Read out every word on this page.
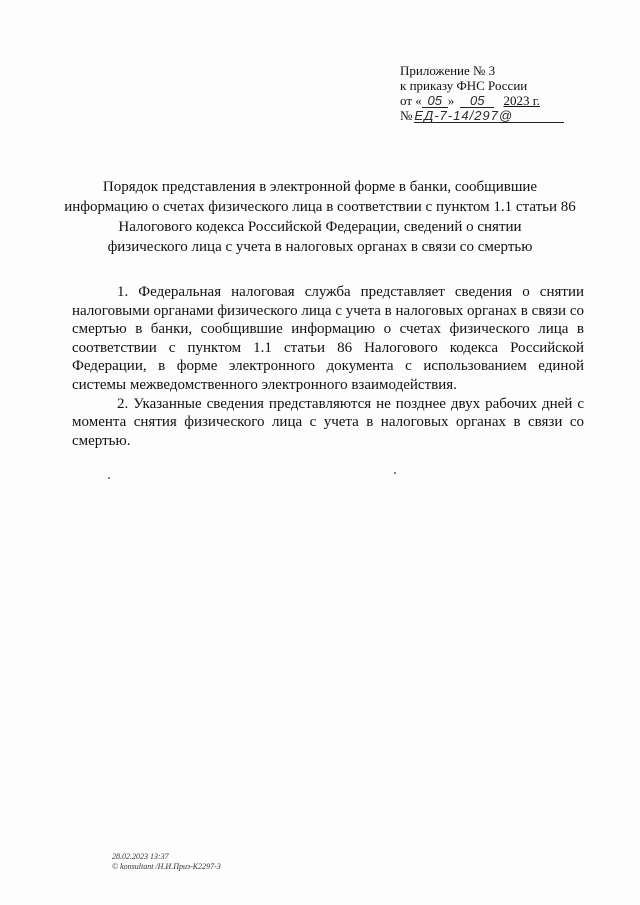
Приложение № 3
к приказу ФНС России
от « 05 » 05 2023 г.
№ ЕД-7-14/297@
Порядок представления в электронной форме в банки, сообщившие
информацию о счетах физического лица в соответствии с пунктом 1.1 статьи 86
Налогового кодекса Российской Федерации, сведений о снятии
физического лица с учета в налоговых органах в связи со смертью

1. Федеральная налоговая служба представляет сведения о снятии налоговыми органами физического лица с учета в налоговых органах в связи со смертью в банки, сообщившие информацию о счетах физического лица в соответствии с пунктом 1.1 статьи 86 Налогового кодекса Российской Федерации, в форме электронного документа с использованием единой системы межведомственного электронного взаимодействия.

2. Указанные сведения представляются не позднее двух рабочих дней с момента снятия физического лица с учета в налоговых органах в связи со смертью.

28.02.2023 13:37
© konsultant /Н.И.Приз-К2297-3
